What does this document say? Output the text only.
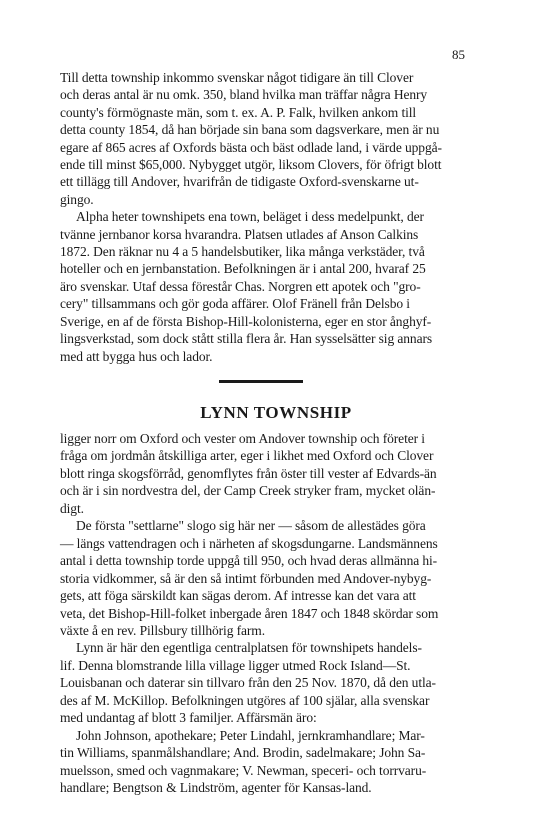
85

Till detta township inkommo svenskar något tidigare än till Clover
och deras antal är nu omk. 350, bland hvilka man träffar några Henry
county's förmögnaste män, som t. ex. A. P. Falk, hvilken ankom till
detta county 1854, då han började sin bana som dagsverkare, men är nu
egare af 865 acres af Oxfords bästa och bäst odlade land, i värde uppgå-
ende till minst $65,000. Nybygget utgör, liksom Clovers, för öfrigt blott
ett tillägg till Andover, hvarifrån de tidigaste Oxford-svenskarne ut-
gingo.

Alpha heter townshipets ena town, beläget i dess medelpunkt, der
tvänne jernbanor korsa hvarandra. Platsen utlades af Anson Calkins
1872. Den räknar nu 4 a 5 handelsbutiker, lika många verkstäder, två
hoteller och en jernbanstation. Befolkningen är i antal 200, hvaraf 25
äro svenskar. Utaf dessa förestår Chas. Norgren ett apotek och "gro-
cery" tillsammans och gör goda affärer. Olof Fränell från Delsbo i
Sverige, en af de första Bishop-Hill-kolonisterna, eger en stor ånghyf-
lingsverkstad, som dock stått stilla flera år. Han sysselsätter sig annars
med att bygga hus och lador.

LYNN TOWNSHIP

ligger norr om Oxford och vester om Andover township och företer i
fråga om jordmån åtskilliga arter, eger i likhet med Oxford och Clover
blott ringa skogsförråd, genomflytes från öster till vester af Edvards-än
och är i sin nordvestra del, der Camp Creek stryker fram, mycket olän-
digt.

De första "settlarne" slogo sig här ner — såsom de allestädes göra
— längs vattendragen och i närheten af skogsdungarne. Landsmännens
antal i detta township torde uppgå till 950, och hvad deras allmänna hi-
storia vidkommer, så är den så intimt förbunden med Andover-nybyg-
gets, att föga särskildt kan sägas derom. Af intresse kan det vara att
veta, det Bishop-Hill-folket inbergade åren 1847 och 1848 skördar som
växte å en rev. Pillsbury tillhörig farm.

Lynn är här den egentliga centralplatsen för townshipets handels-
lif. Denna blomstrande lilla village ligger utmed Rock Island—St.
Louisbanan och daterar sin tillvaro från den 25 Nov. 1870, då den utla-
des af M. McKillop. Befolkningen utgöres af 100 själar, alla svenskar
med undantag af blott 3 familjer. Affärsmän äro:

John Johnson, apothekare; Peter Lindahl, jernkramhandlare; Mar-
tin Williams, spanmålshandlare; And. Brodin, sadelmakare; John Sa-
muelsson, smed och vagnmakare; V. Newman, speceri- och torrvaru-
handlare; Bengtson & Lindström, agenter för Kansas-land.
